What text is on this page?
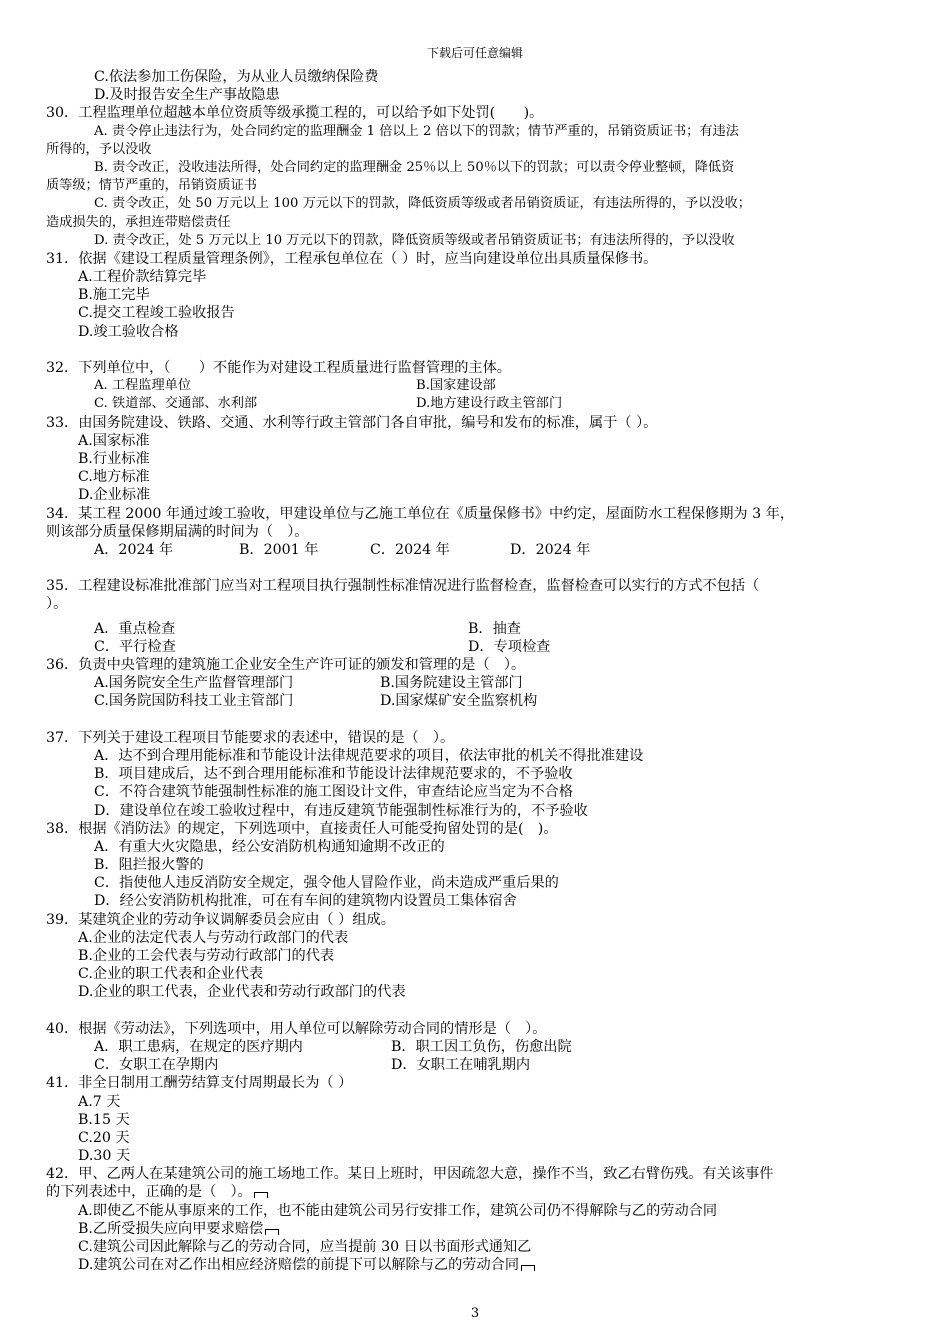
下载后可任意编辑
C.依法参加工伤保险，为从业人员缴纳保险费
D.及时报告安全生产事故隐患
30．工程监理单位超越本单位资质等级承揽工程的，可以给予如下处罚(　　)。
A. 责令停止违法行为，处合同约定的监理酬金 1 倍以上 2 倍以下的罚款；情节严重的，吊销资质证书；有违法
所得的，予以没收
B. 责令改正，没收违法所得，处合同约定的监理酬金 25％以上 50％以下的罚款；可以责令停业整顿，降低资
质等级；情节严重的，吊销资质证书
C. 责令改正，处 50 万元以上 100 万元以下的罚款，降低资质等级或者吊销资质证，有违法所得的，予以没收；
造成损失的，承担连带赔偿责任
D. 责令改正，处 5 万元以上 10 万元以下的罚款，降低资质等级或者吊销资质证书；有违法所得的，予以没收
31．依据《建设工程质量管理条例》，工程承包单位在（ ）时，应当向建设单位出具质量保修书。
A.工程价款结算完毕
B.施工完毕
C.提交工程竣工验收报告
D.竣工验收合格
32．下列单位中，（　　）不能作为对建设工程质量进行监督管理的主体。
A. 工程监理单位	B.国家建设部
C. 铁道部、交通部、水利部	D.地方建设行政主管部门
33．由国务院建设、铁路、交通、水利等行政主管部门各自审批，编号和发布的标准，属于（ ）。
A.国家标准
B.行业标准
C.地方标准
D.企业标准
34．某工程 2000 年通过竣工验收，甲建设单位与乙施工单位在《质量保修书》中约定，屋面防水工程保修期为 3 年，
则该部分质量保修期届满的时间为（　）。
A．2024 年	B．2001 年	C．2024 年	D．2024 年
35．工程建设标准批准部门应当对工程项目执行强制性标准情况进行监督检查，监督检查可以实行的方式不包括（
）。
A．重点检查	B．抽查
C．平行检查	D．专项检查
36．负责中央管理的建筑施工企业安全生产许可证的颁发和管理的是（　）。
A.国务院安全生产监督管理部门	B.国务院建设主管部门
C.国务院国防科技工业主管部门	D.国家煤矿安全监察机构
37．下列关于建设工程项目节能要求的表述中，错误的是（　）。
A．达不到合理用能标准和节能设计法律规范要求的项目，依法审批的机关不得批准建设
B．项目建成后，达不到合理用能标准和节能设计法律规范要求的，不予验收
C．不符合建筑节能强制性标准的施工图设计文件，审查结论应当定为不合格
D．建设单位在竣工验收过程中，有违反建筑节能强制性标准行为的，不予验收
38．根据《消防法》的规定，下列选项中，直接责任人可能受拘留处罚的是(　)。
A．有重大火灾隐患，经公安消防机构通知逾期不改正的
B．阻拦报火警的
C．指使他人违反消防安全规定，强令他人冒险作业，尚未造成严重后果的
D．经公安消防机构批准，可在有车间的建筑物内设置员工集体宿舍
39．某建筑企业的劳动争议调解委员会应由（ ）组成。
A.企业的法定代表人与劳动行政部门的代表
B.企业的工会代表与劳动行政部门的代表
C.企业的职工代表和企业代表
D.企业的职工代表，企业代表和劳动行政部门的代表
40．根据《劳动法》，下列选项中，用人单位可以解除劳动合同的情形是（　）。
A．职工患病，在规定的医疗期内	B．职工因工负伤，伤愈出院
C．女职工在孕期内	D．女职工在哺乳期内
41．非全日制用工酬劳结算支付周期最长为（ ）
A.7 天
B.15 天
C.20 天
D.30 天
42．甲、乙两人在某建筑公司的施工场地工作。某日上班时，甲因疏忽大意，操作不当，致乙右臂伤残。有关该事件
的下列表述中，正确的是（　）。
A.即使乙不能从事原来的工作，也不能由建筑公司另行安排工作，建筑公司仍不得解除与乙的劳动合同
B.乙所受损失应向甲要求赔偿
C.建筑公司因此解除与乙的劳动合同，应当提前 30 日以书面形式通知乙
D.建筑公司在对乙作出相应经济赔偿的前提下可以解除与乙的劳动合同
3
